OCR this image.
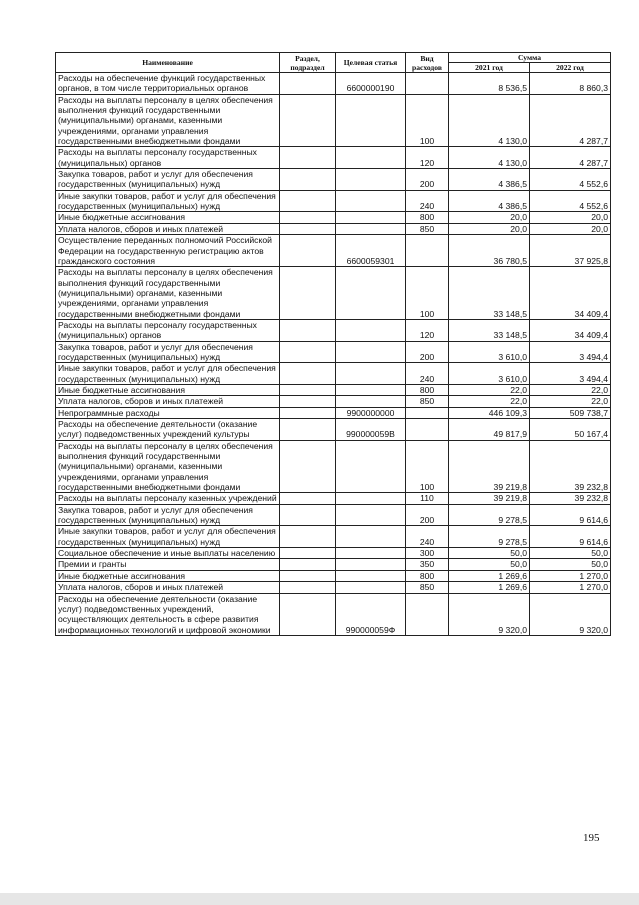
Наименование	Раздел, подраздел	Целевая статья	Вид расходов	Сумма	
				2021 год	2022 год
Расходы на обеспечение функций государственных органов, в том числе территориальных органов		6600000190		8 536,5	8 860,3
Расходы на выплаты персоналу в целях обеспечения выполнения функций государственными (муниципальными) органами, казенными учреждениями, органами управления государственными внебюджетными фондами			100	4 130,0	4 287,7
Расходы на выплаты персоналу государственных (муниципальных) органов			120	4 130,0	4 287,7
Закупка товаров, работ и услуг для обеспечения государственных (муниципальных) нужд			200	4 386,5	4 552,6
Иные закупки товаров, работ и услуг для обеспечения государственных (муниципальных) нужд			240	4 386,5	4 552,6
Иные бюджетные ассигнования			800	20,0	20,0
Уплата налогов, сборов и иных платежей			850	20,0	20,0
Осуществление переданных полномочий Российской Федерации на государственную регистрацию актов гражданского состояния		6600059301		36 780,5	37 925,8
Расходы на выплаты персоналу в целях обеспечения выполнения функций государственными (муниципальными) органами, казенными учреждениями, органами управления государственными внебюджетными фондами			100	33 148,5	34 409,4
Расходы на выплаты персоналу государственных (муниципальных) органов			120	33 148,5	34 409,4
Закупка товаров, работ и услуг для обеспечения государственных (муниципальных) нужд			200	3 610,0	3 494,4
Иные закупки товаров, работ и услуг для обеспечения государственных (муниципальных) нужд			240	3 610,0	3 494,4
Иные бюджетные ассигнования			800	22,0	22,0
Уплата налогов, сборов и иных платежей			850	22,0	22,0
Непрограммные расходы		9900000000		446 109,3	509 738,7
Расходы на обеспечение деятельности (оказание услуг) подведомственных учреждений культуры		990000059В		49 817,9	50 167,4
Расходы на выплаты персоналу в целях обеспечения выполнения функций государственными (муниципальными) органами, казенными учреждениями, органами управления государственными внебюджетными фондами			100	39 219,8	39 232,8
Расходы на выплаты персоналу казенных учреждений			110	39 219,8	39 232,8
Закупка товаров, работ и услуг для обеспечения государственных (муниципальных) нужд			200	9 278,5	9 614,6
Иные закупки товаров, работ и услуг для обеспечения государственных (муниципальных) нужд			240	9 278,5	9 614,6
Социальное обеспечение и иные выплаты населению			300	50,0	50,0
Премии и гранты			350	50,0	50,0
Иные бюджетные ассигнования			800	1 269,6	1 270,0
Уплата налогов, сборов и иных платежей			850	1 269,6	1 270,0
Расходы на обеспечение деятельности (оказание услуг) подведомственных учреждений, осуществляющих деятельность в сфере развития информационных технологий и цифровой экономики		990000059Ф		9 320,0	9 320,0
195
